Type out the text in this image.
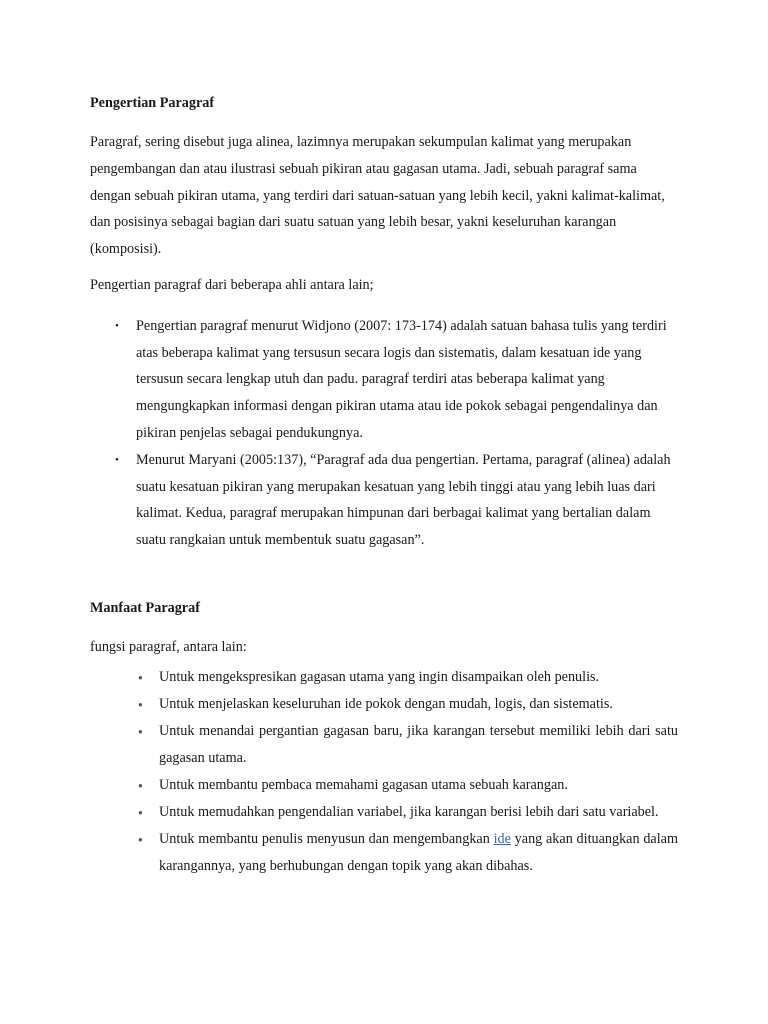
Pengertian Paragraf

Paragraf, sering disebut juga alinea, lazimnya merupakan sekumpulan kalimat yang merupakan pengembangan dan atau ilustrasi sebuah pikiran atau gagasan utama. Jadi, sebuah paragraf sama dengan sebuah pikiran utama, yang terdiri dari satuan-satuan yang lebih kecil, yakni kalimat-kalimat, dan posisinya sebagai bagian dari suatu satuan yang lebih besar, yakni keseluruhan karangan (komposisi).

Pengertian paragraf dari beberapa ahli antara lain;

• Pengertian paragraf menurut Widjono (2007: 173-174) adalah satuan bahasa tulis yang terdiri atas beberapa kalimat yang tersusun secara logis dan sistematis, dalam kesatuan ide yang tersusun secara lengkap utuh dan padu. paragraf terdiri atas beberapa kalimat yang mengungkapkan informasi dengan pikiran utama atau ide pokok sebagai pengendalinya dan pikiran penjelas sebagai pendukungnya.
• Menurut Maryani (2005:137), “Paragraf ada dua pengertian. Pertama, paragraf (alinea) adalah suatu kesatuan pikiran yang merupakan kesatuan yang lebih tinggi atau yang lebih luas dari kalimat. Kedua, paragraf merupakan himpunan dari berbagai kalimat yang bertalian dalam suatu rangkaian untuk membentuk suatu gagasan”.
Manfaat Paragraf

fungsi paragraf, antara lain:

● Untuk mengekspresikan gagasan utama yang ingin disampaikan oleh penulis.
● Untuk menjelaskan keseluruhan ide pokok dengan mudah, logis, dan sistematis.
● Untuk menandai pergantian gagasan baru, jika karangan tersebut memiliki lebih dari satu gagasan utama.
● Untuk membantu pembaca memahami gagasan utama sebuah karangan.
● Untuk memudahkan pengendalian variabel, jika karangan berisi lebih dari satu variabel.
● Untuk membantu penulis menyusun dan mengembangkan ide yang akan dituangkan dalam karangannya, yang berhubungan dengan topik yang akan dibahas.
